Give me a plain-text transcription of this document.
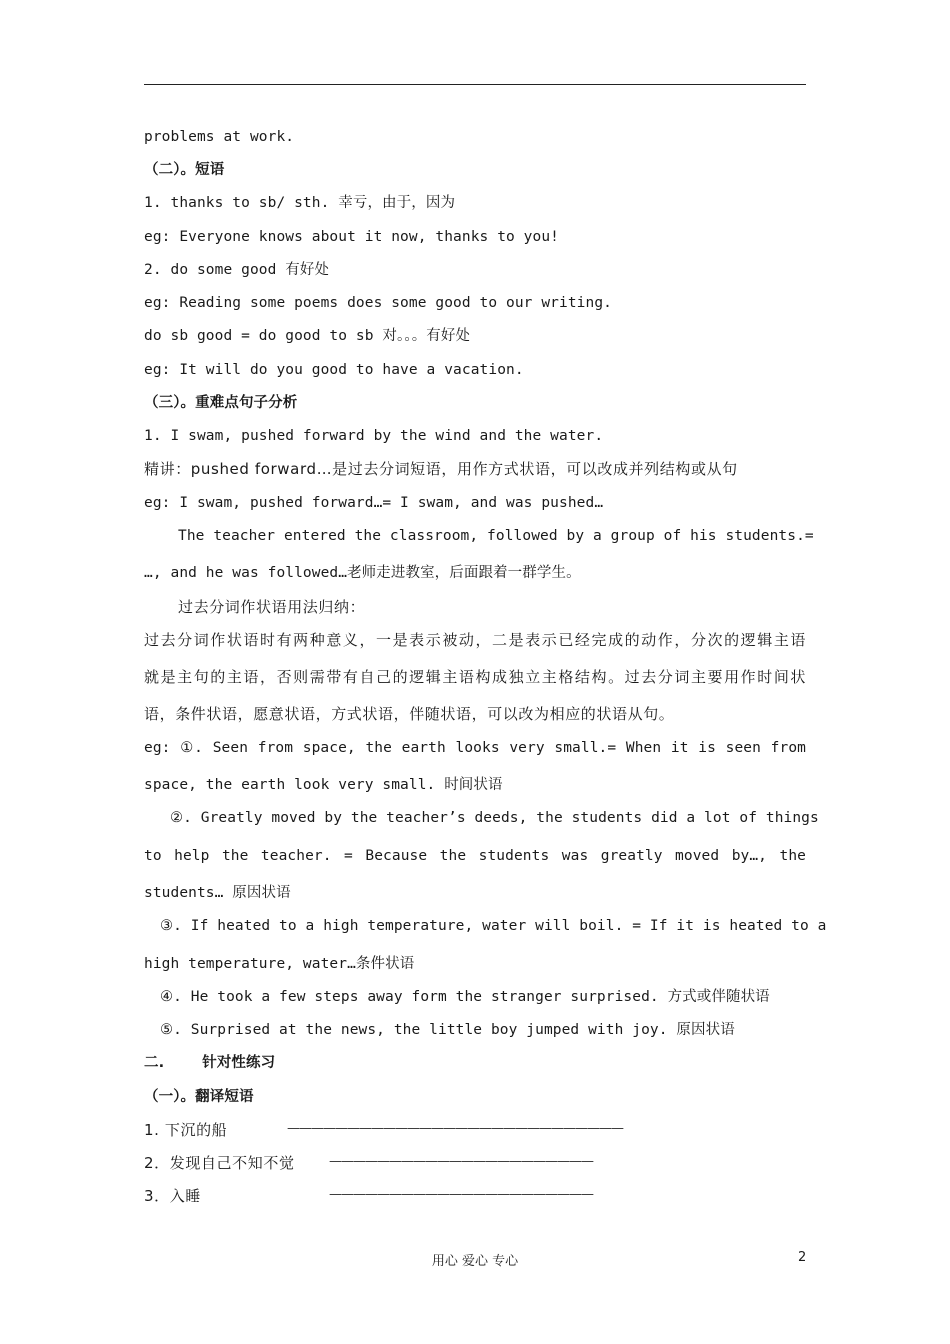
problems at work.
（二）。短语
1. thanks to sb/ sth. 幸亏，由于，因为
eg: Everyone knows about it now, thanks to you!
2. do some good 有好处
eg: Reading some poems does some good to our writing.
do sb good = do good to sb 对。。。有好处
eg: It will do you good to have a vacation.
（三）。重难点句子分析
1. I swam, pushed forward by the wind and the water.
精讲：pushed forward…是过去分词短语，用作方式状语，可以改成并列结构或从句
eg: I swam, pushed forward…= I swam, and was pushed…
The teacher entered the classroom, followed by a group of his students.=
…, and he was followed…老师走进教室，后面跟着一群学生。
过去分词作状语用法归纳：
过去分词作状语时有两种意义，一是表示被动，二是表示已经完成的动作，分次的逻辑主语
就是主句的主语，否则需带有自己的逻辑主语构成独立主格结构。过去分词主要用作时间状
语，条件状语，愿意状语，方式状语，伴随状语，可以改为相应的状语从句。
eg: ①. Seen from space, the earth looks very small.= When it is seen from
space, the earth look very small. 时间状语
②. Greatly moved by the teacher’s deeds, the students did a lot of things
to help the teacher. = Because the students was greatly moved by…, the
students… 原因状语
③. If heated to a high temperature, water will boil. = If it is heated to a
high temperature, water…条件状语
④. He took a few steps away form the stranger surprised. 方式或伴随状语
⑤. Surprised at the news, the little boy jumped with joy. 原因状语
二.	针对性练习
（一）。翻译短语
1. 下沉的船
2．发现自己不知不觉
3．入睡
————————————————————————————
——————————————————————
——————————————————————
用心 爱心 专心	2
